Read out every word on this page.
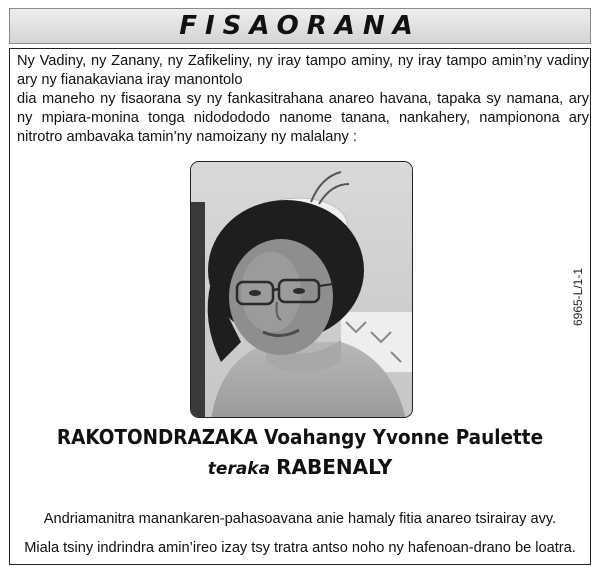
FISAORANA

Ny Vadiny, ny Zanany, ny Zafikeliny, ny iray tampo aminy, ny iray tampo amin’ny vadiny ary ny fianakaviana iray manontolo

dia maneho ny fisaorana sy ny fankasitrahana anareo havana, tapaka sy namana, ary ny mpiara-monina tonga nidodododo nanome tanana, nankahery, nampionona ary nitrotro ambavaka tamin’ny namoizany ny malalany :

6965-L/1-1
RAKOTONDRAZAKA Voahangy Yvonne Paulette
teraka RABENALY
Andriamanitra manankaren-pahasoavana anie hamaly fitia anareo tsirairay avy.
Miala tsiny indrindra amin’ireo izay tsy tratra antso noho ny hafenoan-drano be loatra.
